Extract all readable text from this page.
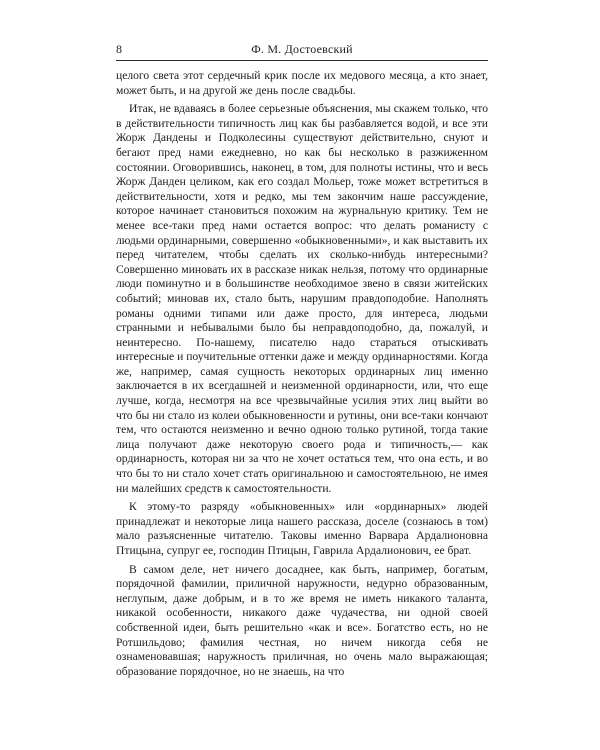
8	Ф. М. Достоевский

целого света этот сердечный крик после их медового месяца, а кто знает, может быть, и на другой же день после свадьбы.

Итак, не вдаваясь в более серьезные объяснения, мы скажем только, что в действительности типичность лиц как бы разбавляется водой, и все эти Жорж Дандены и Подколесины существуют действительно, снуют и бегают пред нами ежедневно, но как бы несколько в разжиженном состоянии. Оговорившись, наконец, в том, для полноты истины, что и весь Жорж Данден целиком, как его создал Мольер, тоже может встретиться в действительности, хотя и редко, мы тем закончим наше рассуждение, которое начинает становиться похожим на журнальную критику. Тем не менее все-таки пред нами остается вопрос: что делать романисту с людьми ординарными, совершенно «обыкновенными», и как выставить их перед читателем, чтобы сделать их сколько-нибудь интересными? Совершенно миновать их в рассказе никак нельзя, потому что ординарные люди поминутно и в большинстве необходимое звено в связи житейских событий; миновав их, стало быть, нарушим правдоподобие. Наполнять романы одними типами или даже просто, для интереса, людьми странными и небывалыми было бы неправдоподобно, да, пожалуй, и неинтересно. По-нашему, писателю надо стараться отыскивать интересные и поучительные оттенки даже и между ординарностями. Когда же, например, самая сущность некоторых ординарных лиц именно заключается в их всегдашней и неизменной ординарности, или, что еще лучше, когда, несмотря на все чрезвычайные усилия этих лиц выйти во что бы ни стало из колеи обыкновенности и рутины, они все-таки кончают тем, что остаются неизменно и вечно одною только рутиной, тогда такие лица получают даже некоторую своего рода и типичность,— как ординарность, которая ни за что не хочет остаться тем, что она есть, и во что бы то ни стало хочет стать оригинальною и самостоятельною, не имея ни малейших средств к самостоятельности.

К этому-то разряду «обыкновенных» или «ординарных» людей принадлежат и некоторые лица нашего рассказа, доселе (сознаюсь в том) мало разъясненные читателю. Таковы именно Варвара Ардалионовна Птицына, супруг ее, господин Птицын, Гаврила Ардалионович, ее брат.

В самом деле, нет ничего досаднее, как быть, например, богатым, порядочной фамилии, приличной наружности, недурно образованным, неглупым, даже добрым, и в то же время не иметь никакого таланта, никакой особенности, никакого даже чудачества, ни одной своей собственной идеи, быть решительно «как и все». Богатство есть, но не Ротшильдово; фамилия честная, но ничем никогда себя не ознаменовавшая; наружность приличная, но очень мало выражающая; образование порядочное, но не знаешь, на что
